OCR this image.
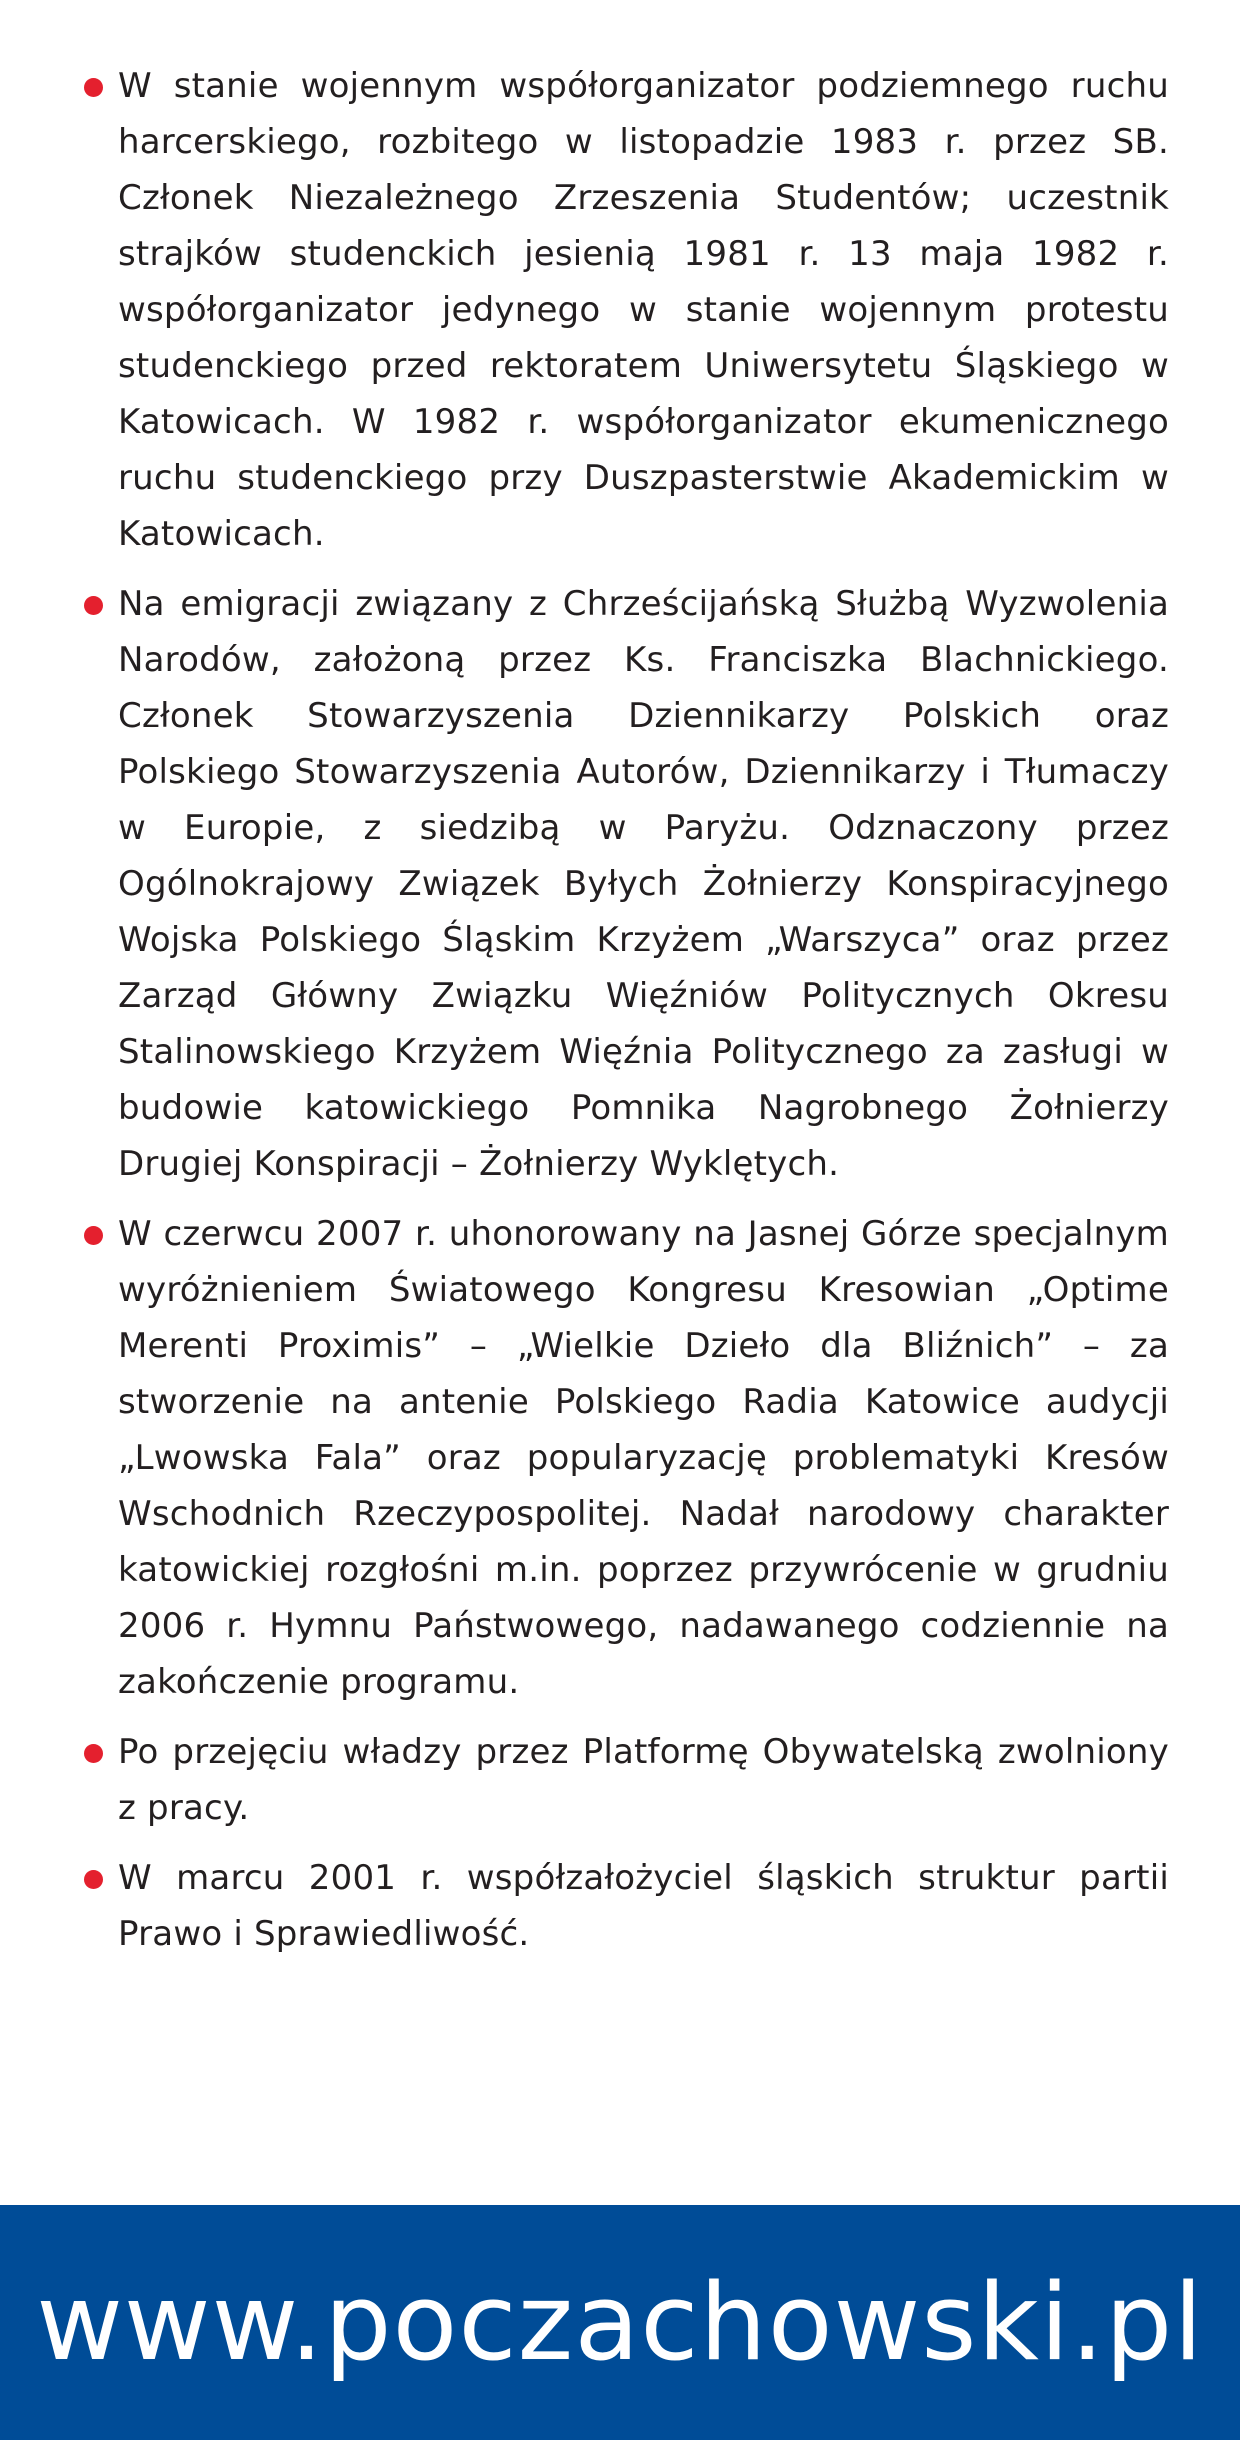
W stanie wojennym współorganizator podziemnego ruchu harcerskiego, rozbitego w listopadzie 1983 r. przez SB. Członek Niezależnego Zrzeszenia Studentów; uczestnik strajków studenckich jesienią 1981 r. 13 maja 1982 r. współorganizator jedynego w stanie wojennym protestu studenckiego przed rektoratem Uniwersytetu Śląskiego w Katowicach. W 1982 r. współorganizator ekumenicznego ruchu studenckiego przy Duszpasterstwie Akademickim w Katowicach.

Na emigracji związany z Chrześcijańską Służbą Wyzwolenia Narodów, założoną przez Ks. Franciszka Blachnickiego. Członek Stowarzyszenia Dziennikarzy Polskich oraz Polskiego Stowarzyszenia Autorów, Dziennikarzy i Tłumaczy w Europie, z siedzibą w Paryżu. Odznaczony przez Ogólnokrajowy Związek Byłych Żołnierzy Konspiracyjnego Wojska Polskiego Śląskim Krzyżem „Warszyca” oraz przez Zarząd Główny Związku Więźniów Politycznych Okresu Stalinowskiego Krzyżem Więźnia Politycznego za zasługi w budowie katowickiego Pomnika Nagrobnego Żołnierzy Drugiej Konspiracji – Żołnierzy Wyklętych.

W czerwcu 2007 r. uhonorowany na Jasnej Górze specjalnym wyróżnieniem Światowego Kongresu Kresowian „Optime Merenti Proximis” – „Wielkie Dzieło dla Bliźnich” – za stworzenie na antenie Polskiego Radia Katowice audycji „Lwowska Fala” oraz popularyzację problematyki Kresów Wschodnich Rzeczypospolitej. Nadał narodowy charakter katowickiej rozgłośni m.in. poprzez przywrócenie w grudniu 2006 r. Hymnu Państwowego, nadawanego codziennie na zakończenie programu.

Po przejęciu władzy przez Platformę Obywatelską zwolniony z pracy.

W marcu 2001 r. współzałożyciel śląskich struktur partii Prawo i Sprawiedliwość.

www.poczachowski.pl
